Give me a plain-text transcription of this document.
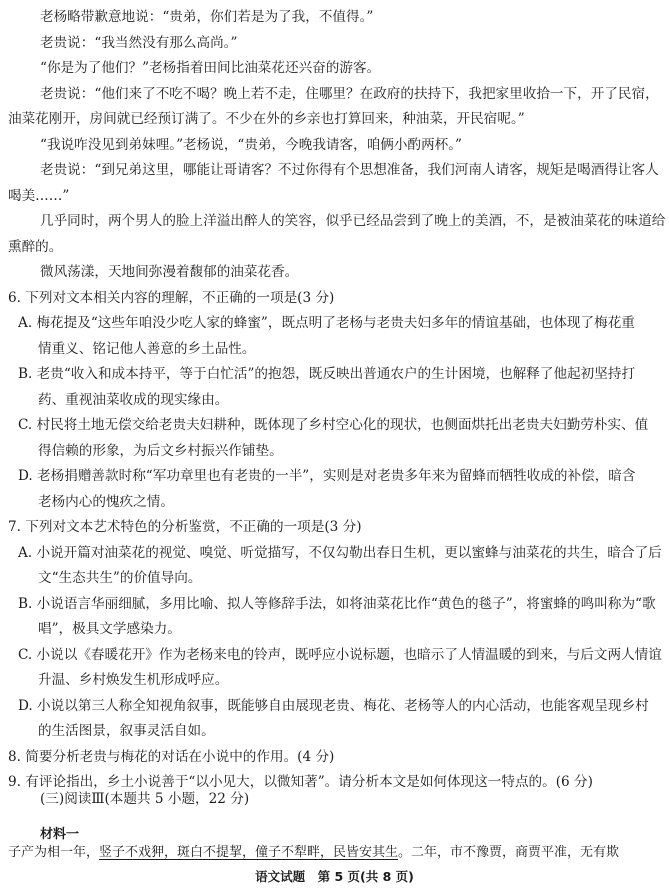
老杨略带歉意地说：“贵弟，你们若是为了我，不值得。”
老贵说：“我当然没有那么高尚。”
“你是为了他们？”老杨指着田间比油菜花还兴奋的游客。
老贵说：“他们来了不吃不喝？晚上若不走，住哪里？在政府的扶持下，我把家里收拾一下，开了民宿，
油菜花刚开，房间就已经预订满了。不少在外的乡亲也打算回来，种油菜，开民宿呢。”
“我说咋没见到弟妹哩。”老杨说，“贵弟，今晚我请客，咱俩小酌两杯。”
老贵说：“到兄弟这里，哪能让哥请客？不过你得有个思想准备，我们河南人请客，规矩是喝酒得让客人
喝美……”
几乎同时，两个男人的脸上洋溢出醉人的笑容，似乎已经品尝到了晚上的美酒，不，是被油菜花的味道给
熏醉的。
微风荡漾，天地间弥漫着馥郁的油菜花香。
6. 下列对文本相关内容的理解，不正确的一项是(3 分)
A. 梅花提及“这些年咱没少吃人家的蜂蜜”，既点明了老杨与老贵夫妇多年的情谊基础，也体现了梅花重
情重义、铭记他人善意的乡土品性。
B. 老贵“收入和成本持平，等于白忙活”的抱怨，既反映出普通农户的生计困境，也解释了他起初坚持打
药、重视油菜收成的现实缘由。
C. 村民将土地无偿交给老贵夫妇耕种，既体现了乡村空心化的现状，也侧面烘托出老贵夫妇勤劳朴实、值
得信赖的形象，为后文乡村振兴作铺垫。
D. 老杨捐赠善款时称“军功章里也有老贵的一半”，实则是对老贵多年来为留蜂而牺牲收成的补偿，暗含
老杨内心的愧疚之情。
7. 下列对文本艺术特色的分析鉴赏，不正确的一项是(3 分)
A. 小说开篇对油菜花的视觉、嗅觉、听觉描写，不仅勾勒出春日生机，更以蜜蜂与油菜花的共生，暗合了后
文“生态共生”的价值导向。
B. 小说语言华丽细腻，多用比喻、拟人等修辞手法，如将油菜花比作“黄色的毯子”，将蜜蜂的鸣叫称为“歌
唱”，极具文学感染力。
C. 小说以《春暖花开》作为老杨来电的铃声，既呼应小说标题，也暗示了人情温暖的到来，与后文两人情谊
升温、乡村焕发生机形成呼应。
D. 小说以第三人称全知视角叙事，既能够自由展现老贵、梅花、老杨等人的内心活动，也能客观呈现乡村
的生活图景，叙事灵活自如。
8. 简要分析老贵与梅花的对话在小说中的作用。(4 分)
9. 有评论指出，乡土小说善于“以小见大，以微知著”。请分析本文是如何体现这一特点的。(6 分)
(三)阅读Ⅲ(本题共 5 小题，22 分)
语文试题　第 5 页(共 8 页)
材料一
子产为相一年，竖子不戏狎，斑白不提挈，僮子不犁畔，民皆安其生。二年，市不豫贾，商贾平准，无有欺
